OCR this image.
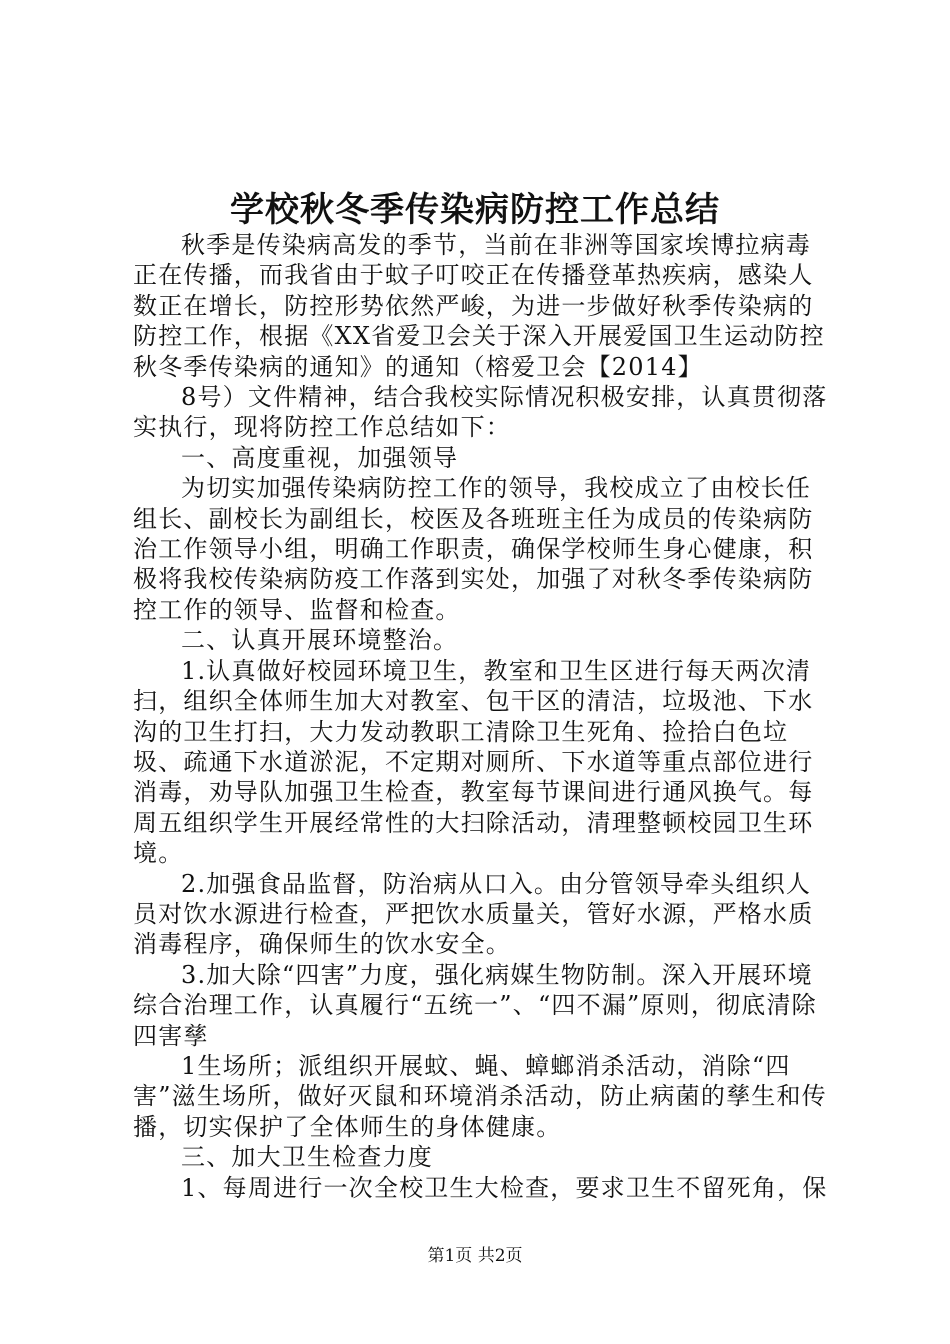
学校秋冬季传染病防控工作总结

秋季是传染病高发的季节，当前在非洲等国家埃博拉病毒正在传播，而我省由于蚊子叮咬正在传播登革热疾病，感染人数正在增长，防控形势依然严峻，为进一步做好秋季传染病的防控工作，根据《XX省爱卫会关于深入开展爱国卫生运动防控秋冬季传染病的通知》的通知（榕爱卫会【2014】

8号）文件精神，结合我校实际情况积极安排，认真贯彻落实执行，现将防控工作总结如下：

一、高度重视，加强领导

为切实加强传染病防控工作的领导，我校成立了由校长任组长、副校长为副组长，校医及各班班主任为成员的传染病防治工作领导小组，明确工作职责，确保学校师生身心健康，积极将我校传染病防疫工作落到实处，加强了对秋冬季传染病防控工作的领导、监督和检查。

二、认真开展环境整治。

1.认真做好校园环境卫生，教室和卫生区进行每天两次清扫，组织全体师生加大对教室、包干区的清洁，垃圾池、下水沟的卫生打扫，大力发动教职工清除卫生死角、捡拾白色垃圾、疏通下水道淤泥，不定期对厕所、下水道等重点部位进行消毒，劝导队加强卫生检查，教室每节课间进行通风换气。每周五组织学生开展经常性的大扫除活动，清理整顿校园卫生环境。

2.加强食品监督，防治病从口入。由分管领导牵头组织人员对饮水源进行检查，严把饮水质量关，管好水源，严格水质消毒程序，确保师生的饮水安全。

3.加大除“四害”力度，强化病媒生物防制。深入开展环境综合治理工作，认真履行“五统一”、“四不漏”原则，彻底清除四害孳

1生场所；派组织开展蚊、蝇、蟑螂消杀活动，消除“四害”滋生场所，做好灭鼠和环境消杀活动，防止病菌的孳生和传播，切实保护了全体师生的身体健康。

三、加大卫生检查力度

1、每周进行一次全校卫生大检查，要求卫生不留死角，保

第1页 共2页
